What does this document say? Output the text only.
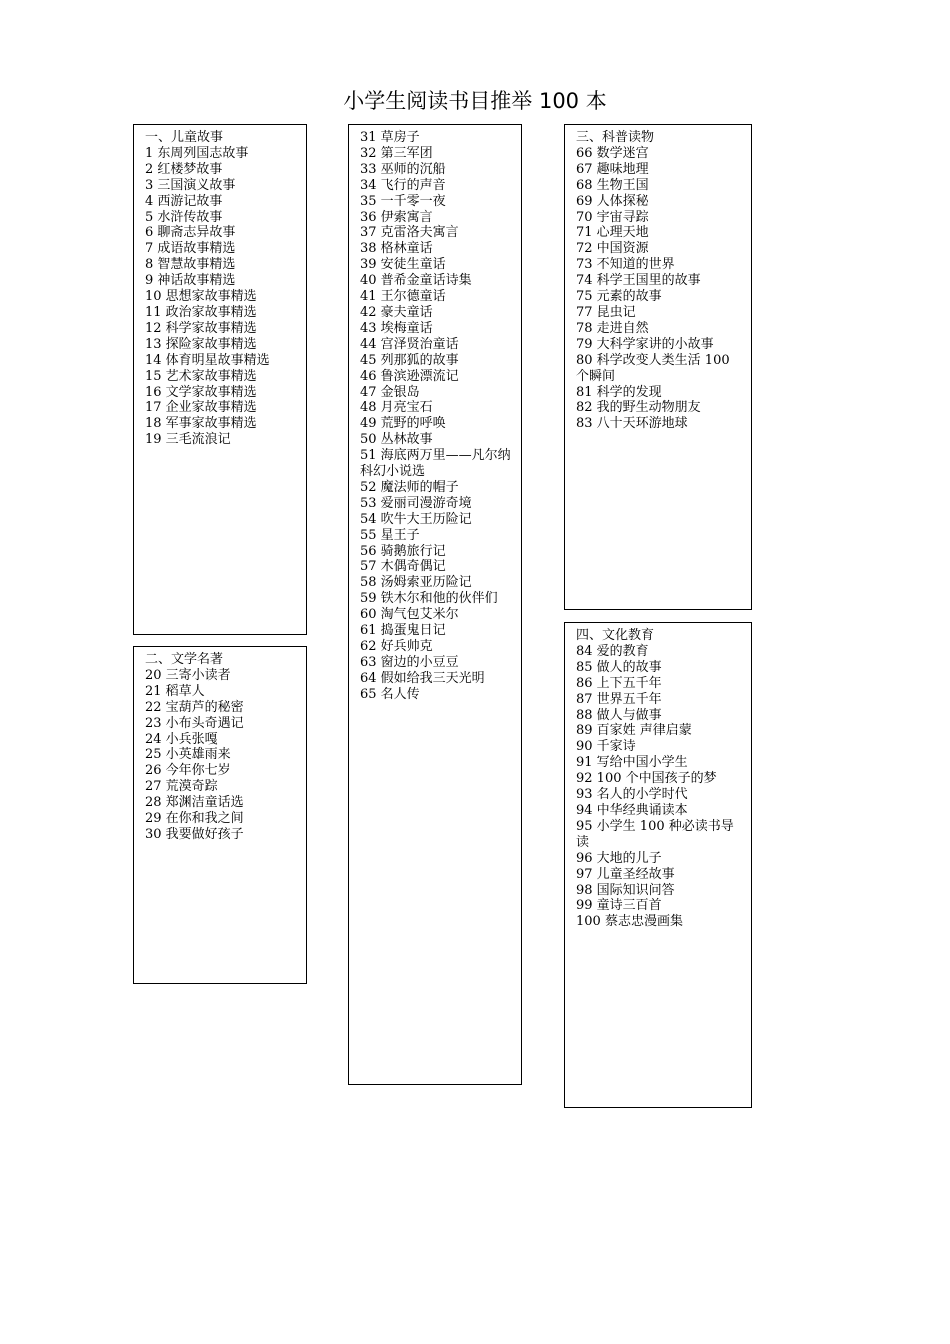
小学生阅读书目推举 100 本
一、儿童故事
1 东周列国志故事
2 红楼梦故事
3 三国演义故事
4 西游记故事
5 水浒传故事
6 聊斋志异故事
7 成语故事精选
8 智慧故事精选
9 神话故事精选
10 思想家故事精选
11 政治家故事精选
12 科学家故事精选
13 探险家故事精选
14 体育明星故事精选
15 艺术家故事精选
16 文学家故事精选
17 企业家故事精选
18 军事家故事精选
19 三毛流浪记
二、文学名著
20 三寄小读者
21 稻草人
22 宝葫芦的秘密
23 小布头奇遇记
24 小兵张嘎
25 小英雄雨来
26 今年你七岁
27 荒漠奇踪
28 郑渊洁童话选
29 在你和我之间
30 我要做好孩子
31 草房子
32 第三军团
33 巫师的沉船
34 飞行的声音
35 一千零一夜
36 伊索寓言
37 克雷洛夫寓言
38 格林童话
39 安徒生童话
40 普希金童话诗集
41 王尔德童话
42 豪夫童话
43 埃梅童话
44 宫泽贤治童话
45 列那狐的故事
46 鲁滨逊漂流记
47 金银岛
48 月亮宝石
49 荒野的呼唤
50 丛林故事
51 海底两万里——凡尔纳科幻小说选
52 魔法师的帽子
53 爱丽司漫游奇境
54 吹牛大王历险记
55 星王子
56 骑鹅旅行记
57 木偶奇偶记
58 汤姆索亚历险记
59 铁木尔和他的伙伴们
60 淘气包艾米尔
61 捣蛋鬼日记
62 好兵帅克
63 窗边的小豆豆
64 假如给我三天光明
65 名人传
三、科普读物
66 数学迷宫
67 趣味地理
68 生物王国
69 人体探秘
70 宇宙寻踪
71 心理天地
72 中国资源
73 不知道的世界
74 科学王国里的故事
75 元素的故事
77 昆虫记
78 走进自然
79 大科学家讲的小故事
80 科学改变人类生活 100 个瞬间
81 科学的发现
82 我的野生动物朋友
83 八十天环游地球
四、文化教育
84 爱的教育
85 做人的故事
86 上下五千年
87 世界五千年
88 做人与做事
89 百家姓 声律启蒙
90 千家诗
91 写给中国小学生
92 100 个中国孩子的梦
93 名人的小学时代
94 中华经典诵读本
95 小学生 100 种必读书导读
96 大地的儿子
97 儿童圣经故事
98 国际知识问答
99 童诗三百首
100 蔡志忠漫画集
